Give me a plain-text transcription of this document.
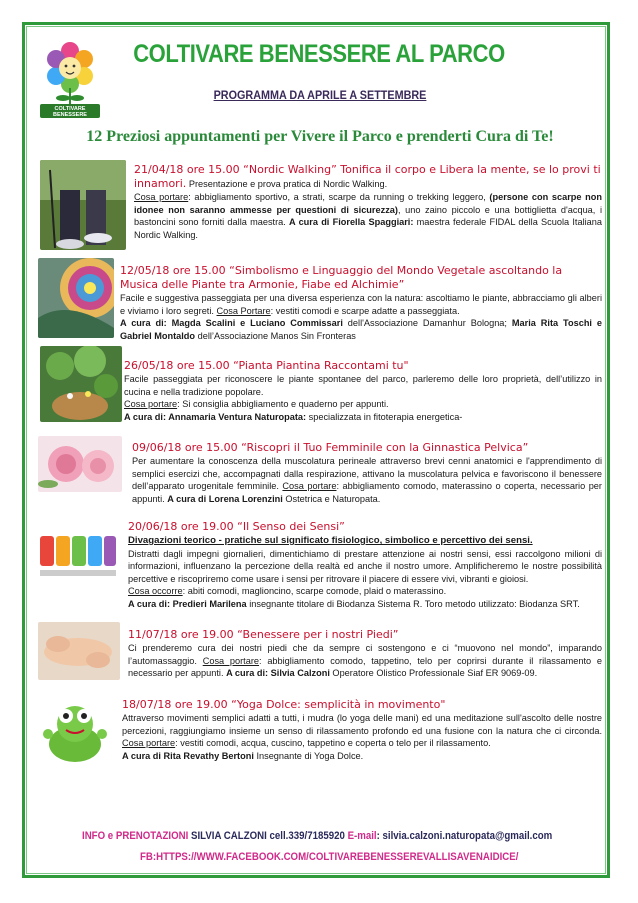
COLTIVARE BENESSERE
COLTIVARE BENESSERE AL PARCO
PROGRAMMA DA APRILE A SETTEMBRE
12 Preziosi appuntamenti per Vivere il Parco e prenderti Cura di Te!
21/04/18 ore 15.00 “Nordic Walking” Tonifica il corpo e Libera la mente, se lo provi ti innamori. Presentazione e prova pratica di Nordic Walking.
Cosa portare: abbigliamento sportivo, a strati, scarpe da running o trekking leggero, (persone con scarpe non idonee non saranno ammesse per questioni di sicurezza), uno zaino piccolo e una bottiglietta d'acqua, i bastoncini sono forniti dalla maestra. A cura di Fiorella Spaggiari: maestra federale FIDAL della Scuola Italiana Nordic Walking.
12/05/18 ore 15.00 “Simbolismo e Linguaggio del Mondo Vegetale ascoltando la Musica delle Piante tra Armonie, Fiabe ed Alchimie”
Facile e suggestiva passeggiata per una diversa esperienza con la natura: ascoltiamo le piante, abbracciamo gli alberi e viviamo i loro segreti. Cosa Portare: vestiti comodi e scarpe adatte a passeggiata.
A cura di: Magda Scalini e Luciano Commissari dell'Associazione Damanhur Bologna; Maria Rita Toschi e Gabriel Montaldo dell’Associazione Manos Sin Fronteras
26/05/18 ore 15.00 “Pianta Piantina Raccontami tu"
Facile passeggiata per riconoscere le piante spontanee del parco, parleremo delle loro proprietà, dell’utilizzo in cucina e nella tradizione popolare.
Cosa portare: Si consiglia abbigliamento e quaderno per appunti.
A cura di: Annamaria Ventura Naturopata: specializzata in fitoterapia energetica-
09/06/18 ore 15.00 “Riscopri il Tuo Femminile con la Ginnastica Pelvica”
Per aumentare la conoscenza della muscolatura perineale attraverso brevi cenni anatomici e l'apprendimento di semplici esercizi che, accompagnati dalla respirazione, attivano la muscolatura pelvica e favoriscono il benessere dell’apparato urogenitale femminile. Cosa portare: abbigliamento comodo, materassino o coperta, necessario per appunti. A cura di Lorena Lorenzini Ostetrica e Naturopata.
20/06/18 ore 19.00 “Il Senso dei Sensi”
Divagazioni teorico - pratiche sul significato fisiologico, simbolico e percettivo dei sensi.
Distratti dagli impegni giornalieri, dimentichiamo di prestare attenzione ai nostri sensi, essi raccolgono milioni di informazioni, influenzano la percezione della realtà ed anche il nostro umore. Amplificheremo le nostre possibilità percettive e riscopriremo come usare i sensi per ritrovare il piacere di essere vivi, vibranti e gioiosi.
Cosa occorre: abiti comodi, maglioncino, scarpe comode, plaid o materassino.
A cura di: Predieri Marilena insegnante titolare di Biodanza Sistema R. Toro metodo utilizzato: Biodanza SRT.
11/07/18 ore 19.00 “Benessere per i nostri Piedi”
Ci prenderemo cura dei nostri piedi che da sempre ci sostengono e ci “muovono nel mondo”, imparando l’automassaggio. Cosa portare: abbigliamento comodo, tappetino, telo per coprirsi durante il rilassamento e necessario per appunti. A cura di: Silvia Calzoni Operatore Olistico Professionale Siaf ER 9069-09.
18/07/18 ore 19.00 “Yoga Dolce: semplicità in movimento"
Attraverso movimenti semplici adatti a tutti, i mudra (lo yoga delle mani) ed una meditazione sull'ascolto delle nostre percezioni, raggiungiamo insieme un senso di rilassamento profondo ed una fusione con la natura che ci circonda. Cosa portare: vestiti comodi, acqua, cuscino, tappetino e coperta o telo per il rilassamento.
A cura di Rita Revathy Bertoni Insegnante di Yoga Dolce.
INFO e PRENOTAZIONI SILVIA CALZONI cell.339/7185920 E-mail: silvia.calzoni.naturopata@gmail.com
FB:HTTPS://WWW.FACEBOOK.COM/COLTIVAREBENESSEREVALLISAVENAIDICE/
